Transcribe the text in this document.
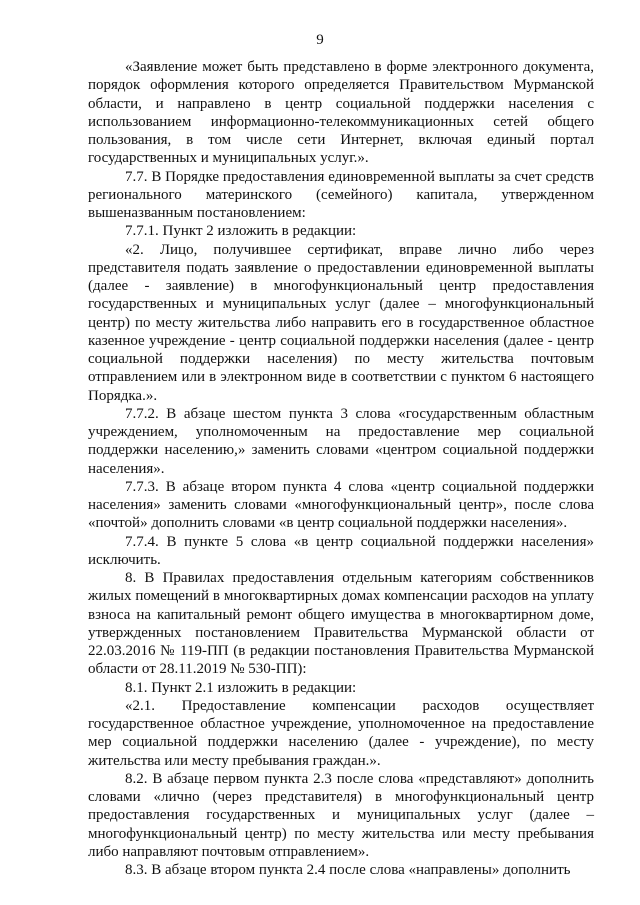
9

«Заявление может быть представлено в форме электронного документа, порядок оформления которого определяется Правительством Мурманской области, и направлено в центр социальной поддержки населения с использованием информационно-телекоммуникационных сетей общего пользования, в том числе сети Интернет, включая единый портал государственных и муниципальных услуг.».

7.7. В Порядке предоставления единовременной выплаты за счет средств регионального материнского (семейного) капитала, утвержденном вышеназванным постановлением:

7.7.1. Пункт 2 изложить в редакции:

«2. Лицо, получившее сертификат, вправе лично либо через представителя подать заявление о предоставлении единовременной выплаты (далее - заявление) в многофункциональный центр предоставления государственных и муниципальных услуг (далее – многофункциональный центр) по месту жительства либо направить его в государственное областное казенное учреждение - центр социальной поддержки населения (далее - центр социальной поддержки населения) по месту жительства почтовым отправлением или в электронном виде в соответствии с пунктом 6 настоящего Порядка.».

7.7.2. В абзаце шестом пункта 3 слова «государственным областным учреждением, уполномоченным на предоставление мер социальной поддержки населению,» заменить словами «центром социальной поддержки населения».

7.7.3. В абзаце втором пункта 4 слова «центр социальной поддержки населения» заменить словами «многофункциональный центр», после слова «почтой» дополнить словами «в центр социальной поддержки населения».

7.7.4. В пункте 5 слова «в центр социальной поддержки населения» исключить.

8. В Правилах предоставления отдельным категориям собственников жилых помещений в многоквартирных домах компенсации расходов на уплату взноса на капитальный ремонт общего имущества в многоквартирном доме, утвержденных постановлением Правительства Мурманской области от 22.03.2016 № 119-ПП (в редакции постановления Правительства Мурманской области от 28.11.2019 № 530-ПП):

8.1. Пункт 2.1 изложить в редакции:

«2.1. Предоставление компенсации расходов осуществляет государственное областное учреждение, уполномоченное на предоставление мер социальной поддержки населению (далее - учреждение), по месту жительства или месту пребывания граждан.».

8.2. В абзаце первом пункта 2.3 после слова «представляют» дополнить словами «лично (через представителя) в многофункциональный центр предоставления государственных и муниципальных услуг (далее – многофункциональный центр) по месту жительства или месту пребывания либо направляют почтовым отправлением».

8.3. В абзаце втором пункта 2.4 после слова «направлены» дополнить
